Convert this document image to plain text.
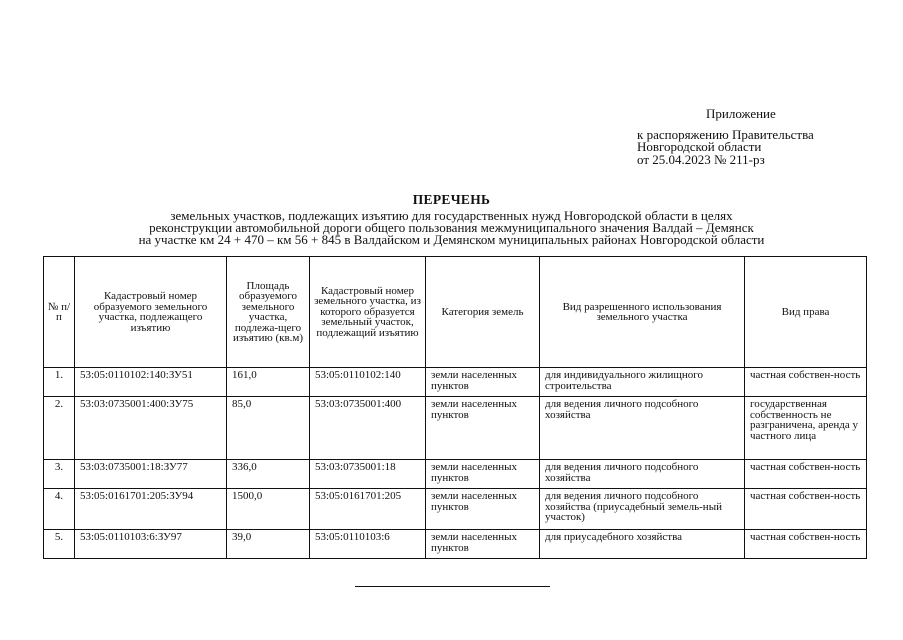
Приложение
к распоряжению Правительства
Новгородской области
от 25.04.2023 № 211-рз
ПЕРЕЧЕНЬ
земельных участков, подлежащих изъятию для государственных нужд Новгородской области в целях
реконструкции автомобильной дороги общего пользования межмуниципального значения Валдай – Демянск
на участке км 24 + 470 – км 56 + 845 в Валдайском и Демянском муниципальных районах Новгородской области
№ п/п	Кадастровый номер образуемого земельного участка, подлежащего изъятию	Площадь образуемого земельного участка, подлежа-щего изъятию (кв.м)	Кадастровый номер земельного участка, из которого образуется земельный участок, подлежащий изъятию	Категория земель	Вид разрешенного использования земельного участка	Вид права
1.	53:05:0110102:140:ЗУ51	161,0	53:05:0110102:140	земли населенных пунктов	для индивидуального жилищного строительства	частная собствен-ность
2.	53:03:0735001:400:ЗУ75	85,0	53:03:0735001:400	земли населенных пунктов	для ведения личного подсобного хозяйства	государственная собственность не разграничена, аренда у частного лица
3.	53:03:0735001:18:ЗУ77	336,0	53:03:0735001:18	земли населенных пунктов	для ведения личного подсобного хозяйства	частная собствен-ность
4.	53:05:0161701:205:ЗУ94	1500,0	53:05:0161701:205	земли населенных пунктов	для ведения личного подсобного хозяйства (приусадебный земель-ный участок)	частная собствен-ность
5.	53:05:0110103:6:ЗУ97	39,0	53:05:0110103:6	земли населенных пунктов	для приусадебного хозяйства	частная собствен-ность
